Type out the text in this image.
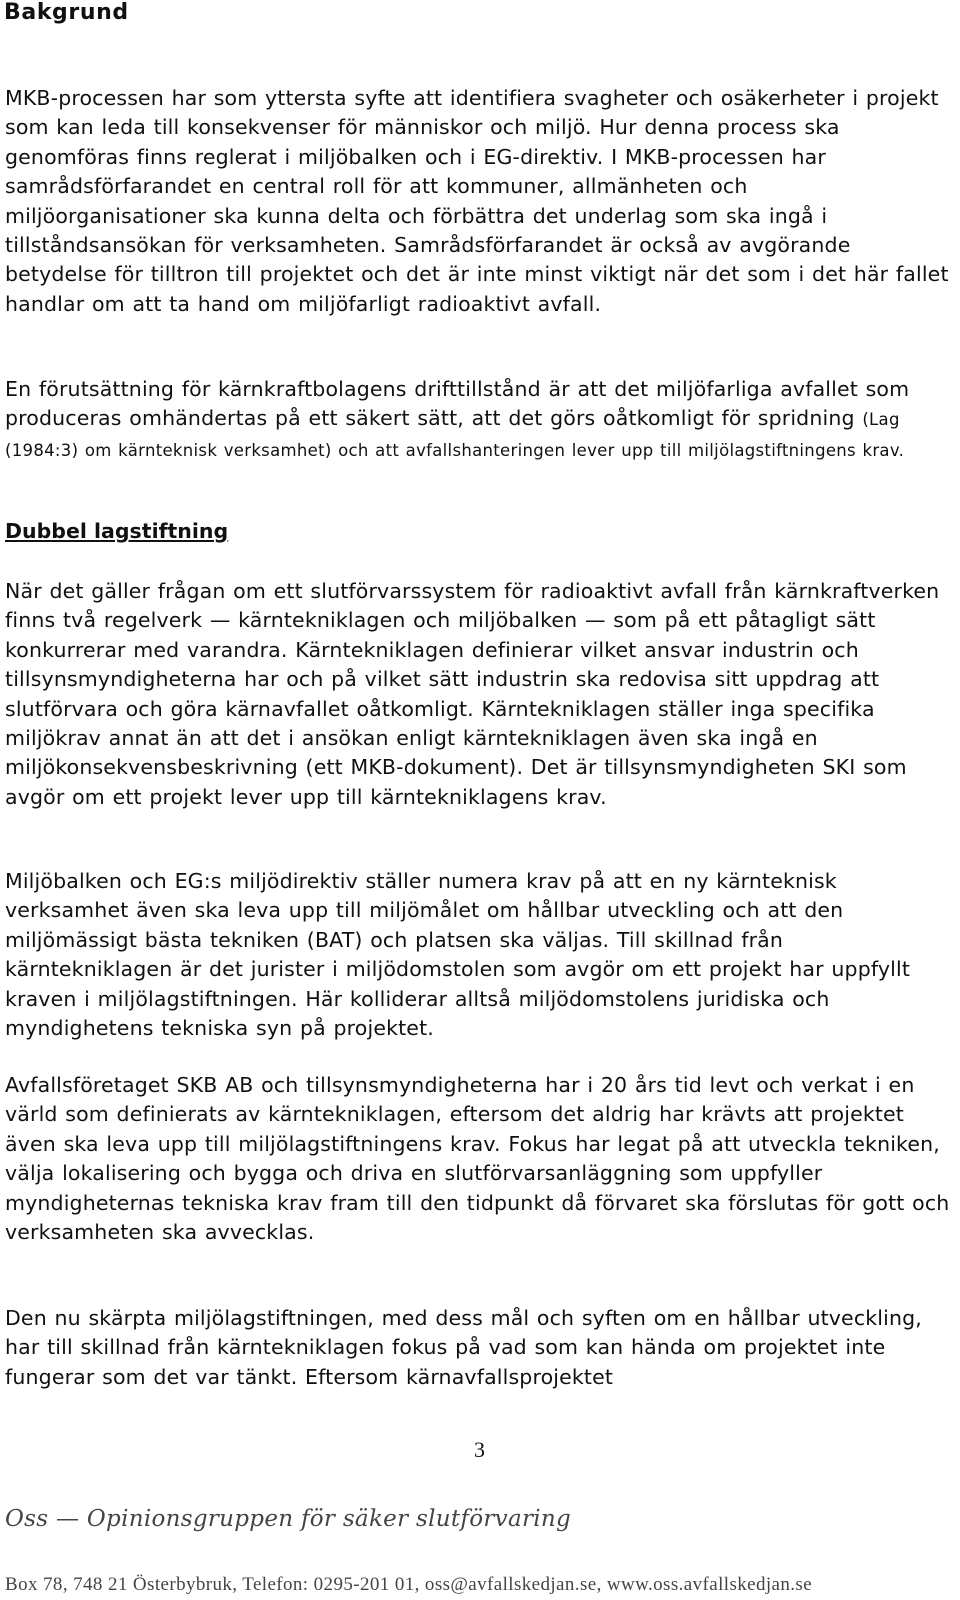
Bakgrund

MKB-processen har som yttersta syfte att identifiera svagheter och osäkerheter i projekt som kan leda till konsekvenser för människor och miljö. Hur denna process ska genomföras finns reglerat i miljöbalken och i EG-direktiv. I MKB-processen har samrådsförfarandet en central roll för att kommuner, allmänheten och miljöorganisationer ska kunna delta och förbättra det underlag som ska ingå i tillståndsansökan för verksamheten. Samrådsförfarandet är också av avgörande betydelse för tilltron till projektet och det är inte minst viktigt när det som i det här fallet handlar om att ta hand om miljöfarligt radioaktivt avfall.

En förutsättning för kärnkraftbolagens drifttillstånd är att det miljöfarliga avfallet som produceras omhändertas på ett säkert sätt, att det görs oåtkomligt för spridning (Lag (1984:3) om kärnteknisk verksamhet) och att avfallshanteringen lever upp till miljölagstiftningens krav.

Dubbel lagstiftning

När det gäller frågan om ett slutförvarssystem för radioaktivt avfall från kärnkraftverken finns två regelverk — kärntekniklagen och miljöbalken — som på ett påtagligt sätt konkurrerar med varandra. Kärntekniklagen definierar vilket ansvar industrin och tillsynsmyndigheterna har och på vilket sätt industrin ska redovisa sitt uppdrag att slutförvara och göra kärnavfallet oåtkomligt. Kärntekniklagen ställer inga specifika miljökrav annat än att det i ansökan enligt kärntekniklagen även ska ingå en miljökonsekvensbeskrivning (ett MKB-dokument). Det är tillsynsmyndigheten SKI som avgör om ett projekt lever upp till kärntekniklagens krav.

Miljöbalken och EG:s miljödirektiv ställer numera krav på att en ny kärnteknisk verksamhet även ska leva upp till miljömålet om hållbar utveckling och att den miljömässigt bästa tekniken (BAT) och platsen ska väljas. Till skillnad från kärntekniklagen är det jurister i miljödomstolen som avgör om ett projekt har uppfyllt kraven i miljölagstiftningen. Här kolliderar alltså miljödomstolens juridiska och myndighetens tekniska syn på projektet.

Avfallsföretaget SKB AB och tillsynsmyndigheterna har i 20 års tid levt och verkat i en värld som definierats av kärntekniklagen, eftersom det aldrig har krävts att projektet även ska leva upp till miljölagstiftningens krav. Fokus har legat på att utveckla tekniken, välja lokalisering och bygga och driva en slutförvarsanläggning som uppfyller myndigheternas tekniska krav fram till den tidpunkt då förvaret ska förslutas för gott och verksamheten ska avvecklas.

Den nu skärpta miljölagstiftningen, med dess mål och syften om en hållbar utveckling, har till skillnad från kärntekniklagen fokus på vad som kan hända om projektet inte fungerar som det var tänkt. Eftersom kärnavfallsprojektet

3
Oss — Opinionsgruppen för säker slutförvaring
Box 78, 748 21 Österbybruk, Telefon: 0295-201 01, oss@avfallskedjan.se, www.oss.avfallskedjan.se
